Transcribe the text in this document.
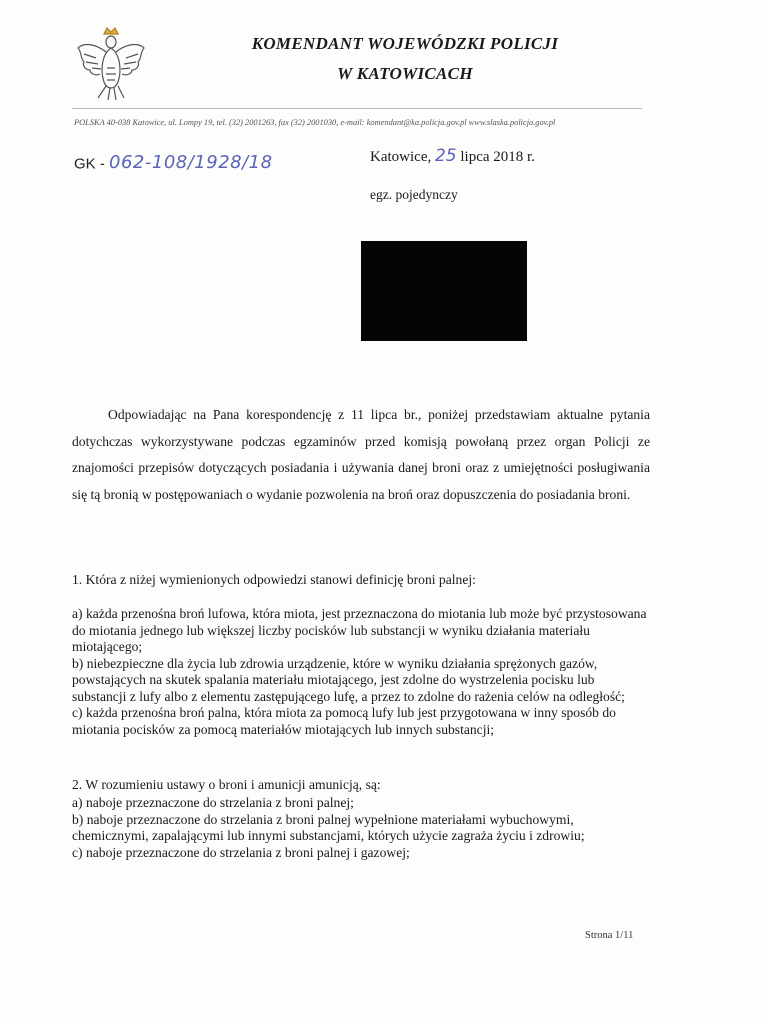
KOMENDANT WOJEWÓDZKI POLICJI
W KATOWICACH
POLSKA 40-038 Katowice, ul. Lompy 19, tel. (32) 2001263, fax (32) 2001030, e-mail: komendant@ka.policja.gov.pl www.slaska.policja.gov.pl
GK - 062-108/1928/18	Katowice, 25 lipca 2018 r.
egz. pojedynczy

Odpowiadając na Pana korespondencję z 11 lipca br., poniżej przedstawiam aktualne pytania dotychczas wykorzystywane podczas egzaminów przed komisją powołaną przez organ Policji ze znajomości przepisów dotyczących posiadania i używania danej broni oraz z umiejętności posługiwania się tą bronią w postępowaniach o wydanie pozwolenia na broń oraz dopuszczenia do posiadania broni.

1. Która z niżej wymienionych odpowiedzi stanowi definicję broni palnej:

a) każda przenośna broń lufowa, która miota, jest przeznaczona do miotania lub może być przystosowana do miotania jednego lub większej liczby pocisków lub substancji w wyniku działania materiału miotającego;

b) niebezpieczne dla życia lub zdrowia urządzenie, które w wyniku działania sprężonych gazów, powstających na skutek spalania materiału miotającego, jest zdolne do wystrzelenia pocisku lub substancji z lufy albo z elementu zastępującego lufę, a przez to zdolne do rażenia celów na odległość;

c) każda przenośna broń palna, która miota za pomocą lufy lub jest przygotowana w inny sposób do miotania pocisków za pomocą materiałów miotających lub innych substancji;

2. W rozumieniu ustawy o broni i amunicji amunicją, są:

a) naboje przeznaczone do strzelania z broni palnej;

b) naboje przeznaczone do strzelania z broni palnej wypełnione materiałami wybuchowymi, chemicznymi, zapalającymi lub innymi substancjami, których użycie zagraża życiu i zdrowiu;

c) naboje przeznaczone do strzelania z broni palnej i gazowej;

Strona 1/11
